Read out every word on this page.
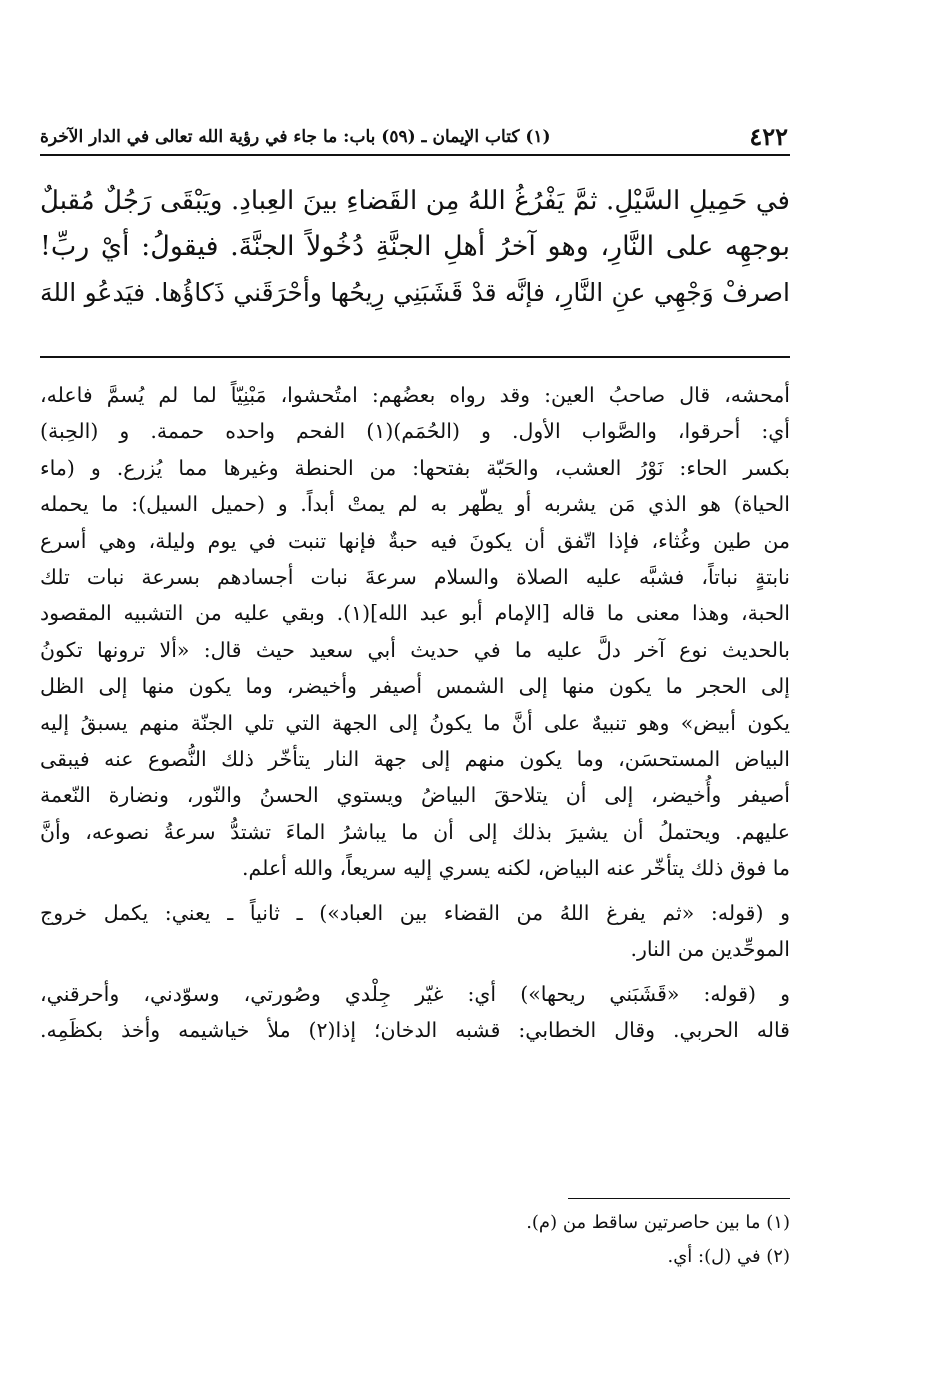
٤٢٢
(١) كتاب الإيمان ـ (٥٩) باب: ما جاء في رؤية الله تعالى في الدار الآخرة

في حَمِيلِ السَّيْلِ. ثمَّ يَفْرُغُ اللهُ مِن القَضاءِ بينَ العِبادِ. ويَبْقَى رَجُلٌ مُقبلٌ

بوجهِه على النَّارِ، وهو آخرُ أهلِ الجنَّةِ دُخُولاً الجنَّةَ. فيقولُ: أيْ ربِّ!

اصرفْ وَجْهِي عنِ النَّارِ، فإنَّه قدْ قَشَبَنِي رِيحُها وأحْرَقَني ذَكاؤُها. فيَدعُو اللهَ

أمحشه، قال صاحبُ العين: وقد رواه بعضُهم: امتُحشوا، مَبْنِيّاً لما لم يُسمَّ فاعله،
أي: أحرقوا، والصَّواب الأول. و (الحُمَم)(١) الفحم واحده حممة. و (الحِبة)
بكسر الحاء: نَوْرُ العشب، والحَبّة بفتحها: من الحنطة وغيرها مما يُزرع. و (ماء
الحياة) هو الذي مَن يشربه أو يطّهر به لم يمتْ أبداً. و (حميل السيل): ما يحمله
من طين وغُثاء، فإذا اتّفق أن يكونَ فيه حبةٌ فإنها تنبت في يوم وليلة، وهي أسرع
نابتةٍ نباتاً، فشبَّه عليه الصلاة والسلام سرعةَ نبات أجسادهم بسرعة نبات تلك
الحبة، وهذا معنى ما قاله [الإمام أبو عبد الله](١). وبقي عليه من التشبيه المقصود
بالحديث نوع آخر دلَّ عليه ما في حديث أبي سعيد حيث قال: «ألا ترونها تكونُ
إلى الحجر ما يكون منها إلى الشمس أصيفر وأخيضر، وما يكون منها إلى الظل
يكون أبيض» وهو تنبيهٌ على أنَّ ما يكونُ إلى الجهة التي تلي الجنّة منهم يسبقُ إليه
البياض المستحسَن، وما يكون منهم إلى جهة النار يتأخّر ذلك النُّصوع عنه فيبقى
أصيفر وأُخيضر، إلى أن يتلاحقَ البياضُ ويستوي الحسنُ والنّور، ونضارة النّعمة
عليهم. ويحتملُ أن يشيرَ بذلك إلى أن ما يباشرُ الماءَ تشتدُّ سرعةُ نصوعه، وأنَّ
ما فوق ذلك يتأخّر عنه البياض، لكنه يسري إليه سريعاً، والله أعلم.
و (قوله: «ثم يفرغ اللهُ من القضاء بين العباد») ـ ثانياً ـ يعني: يكمل خروج
الموحِّدين من النار.
و (قوله: «قَشَبَني ريحها») أي: غيّر جِلْدي وصُورتي، وسوّدني، وأحرقني،
قاله الحربي. وقال الخطابي: قشبه الدخان؛ إذا(٢) ملأ خياشيمه وأخذ بكظَمِه.
(١) ما بين حاصرتين ساقط من (م).
(٢) في (ل): أي.
